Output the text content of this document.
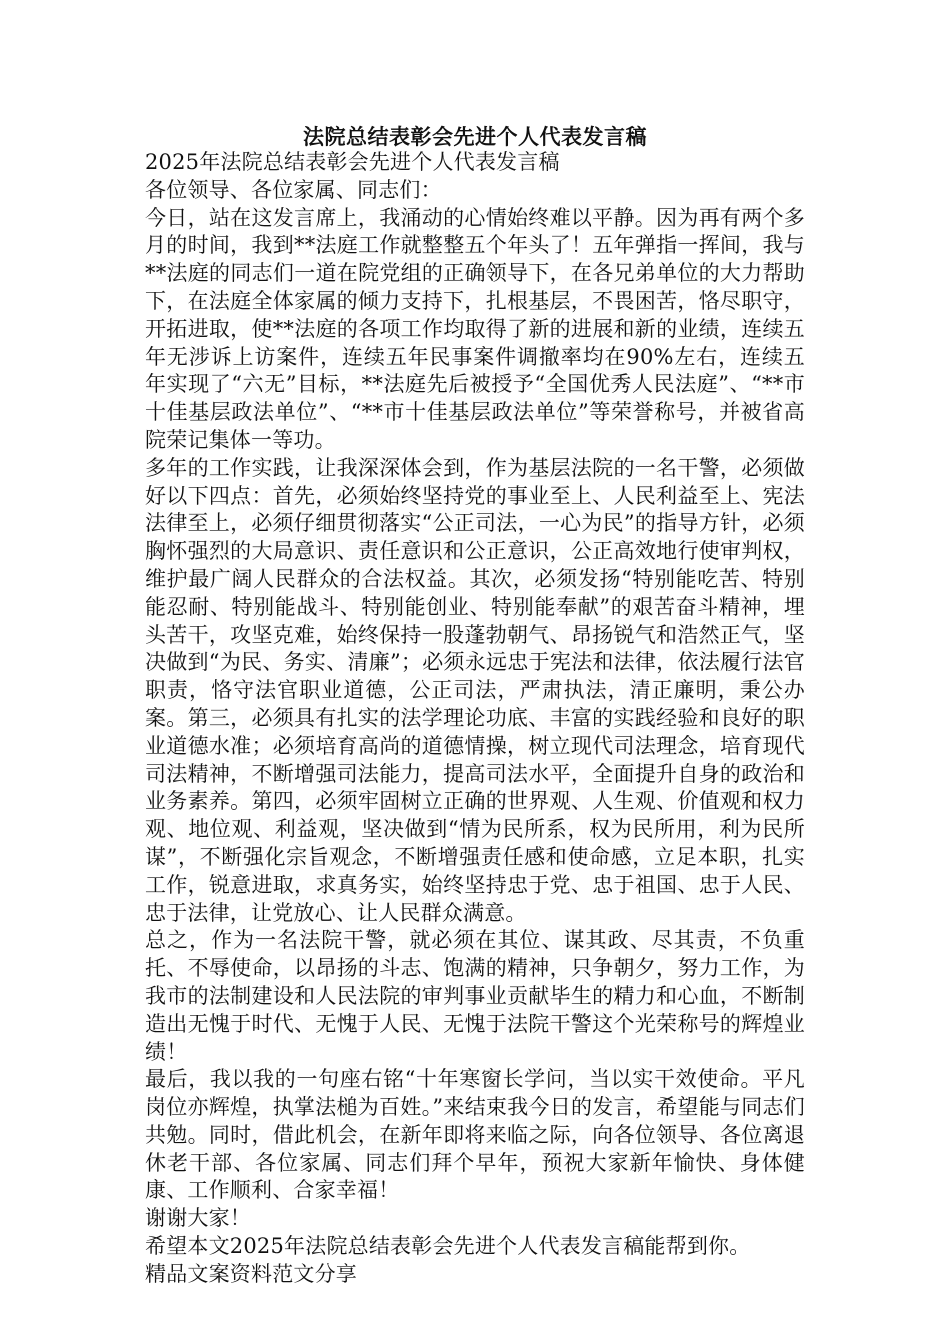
法院总结表彰会先进个人代表发言稿

2025年法院总结表彰会先进个人代表发言稿

各位领导、各位家属、同志们：

今日，站在这发言席上，我涌动的心情始终难以平静。因为再有两个多月的时间，我到**法庭工作就整整五个年头了！五年弹指一挥间，我与**法庭的同志们一道在院党组的正确领导下，在各兄弟单位的大力帮助下，在法庭全体家属的倾力支持下，扎根基层，不畏困苦，恪尽职守，开拓进取，使**法庭的各项工作均取得了新的进展和新的业绩，连续五年无涉诉上访案件，连续五年民事案件调撤率均在90%左右，连续五年实现了“六无”目标，**法庭先后被授予“全国优秀人民法庭”、“**市十佳基层政法单位”、“**市十佳基层政法单位”等荣誉称号，并被省高院荣记集体一等功。

多年的工作实践，让我深深体会到，作为基层法院的一名干警，必须做好以下四点：首先，必须始终坚持党的事业至上、人民利益至上、宪法法律至上，必须仔细贯彻落实“公正司法，一心为民”的指导方针，必须胸怀强烈的大局意识、责任意识和公正意识，公正高效地行使审判权，维护最广阔人民群众的合法权益。其次，必须发扬“特别能吃苦、特别能忍耐、特别能战斗、特别能创业、特别能奉献”的艰苦奋斗精神，埋头苦干，攻坚克难，始终保持一股蓬勃朝气、昂扬锐气和浩然正气，坚决做到“为民、务实、清廉”；必须永远忠于宪法和法律，依法履行法官职责，恪守法官职业道德，公正司法，严肃执法，清正廉明，秉公办案。第三，必须具有扎实的法学理论功底、丰富的实践经验和良好的职业道德水准；必须培育高尚的道德情操，树立现代司法理念，培育现代司法精神，不断增强司法能力，提高司法水平，全面提升自身的政治和业务素养。第四，必须牢固树立正确的世界观、人生观、价值观和权力观、地位观、利益观，坚决做到“情为民所系，权为民所用，利为民所谋”，不断强化宗旨观念，不断增强责任感和使命感，立足本职，扎实工作，锐意进取，求真务实，始终坚持忠于党、忠于祖国、忠于人民、忠于法律，让党放心、让人民群众满意。

总之，作为一名法院干警，就必须在其位、谋其政、尽其责，不负重托、不辱使命，以昂扬的斗志、饱满的精神，只争朝夕，努力工作，为我市的法制建设和人民法院的审判事业贡献毕生的精力和心血，不断制造出无愧于时代、无愧于人民、无愧于法院干警这个光荣称号的辉煌业绩！

最后，我以我的一句座右铭“十年寒窗长学问，当以实干效使命。平凡岗位亦辉煌，执掌法槌为百姓。”来结束我今日的发言，希望能与同志们共勉。同时，借此机会，在新年即将来临之际，向各位领导、各位离退休老干部、各位家属、同志们拜个早年，预祝大家新年愉快、身体健康、工作顺利、合家幸福！

谢谢大家！

希望本文2025年法院总结表彰会先进个人代表发言稿能帮到你。

精品文案资料范文分享
